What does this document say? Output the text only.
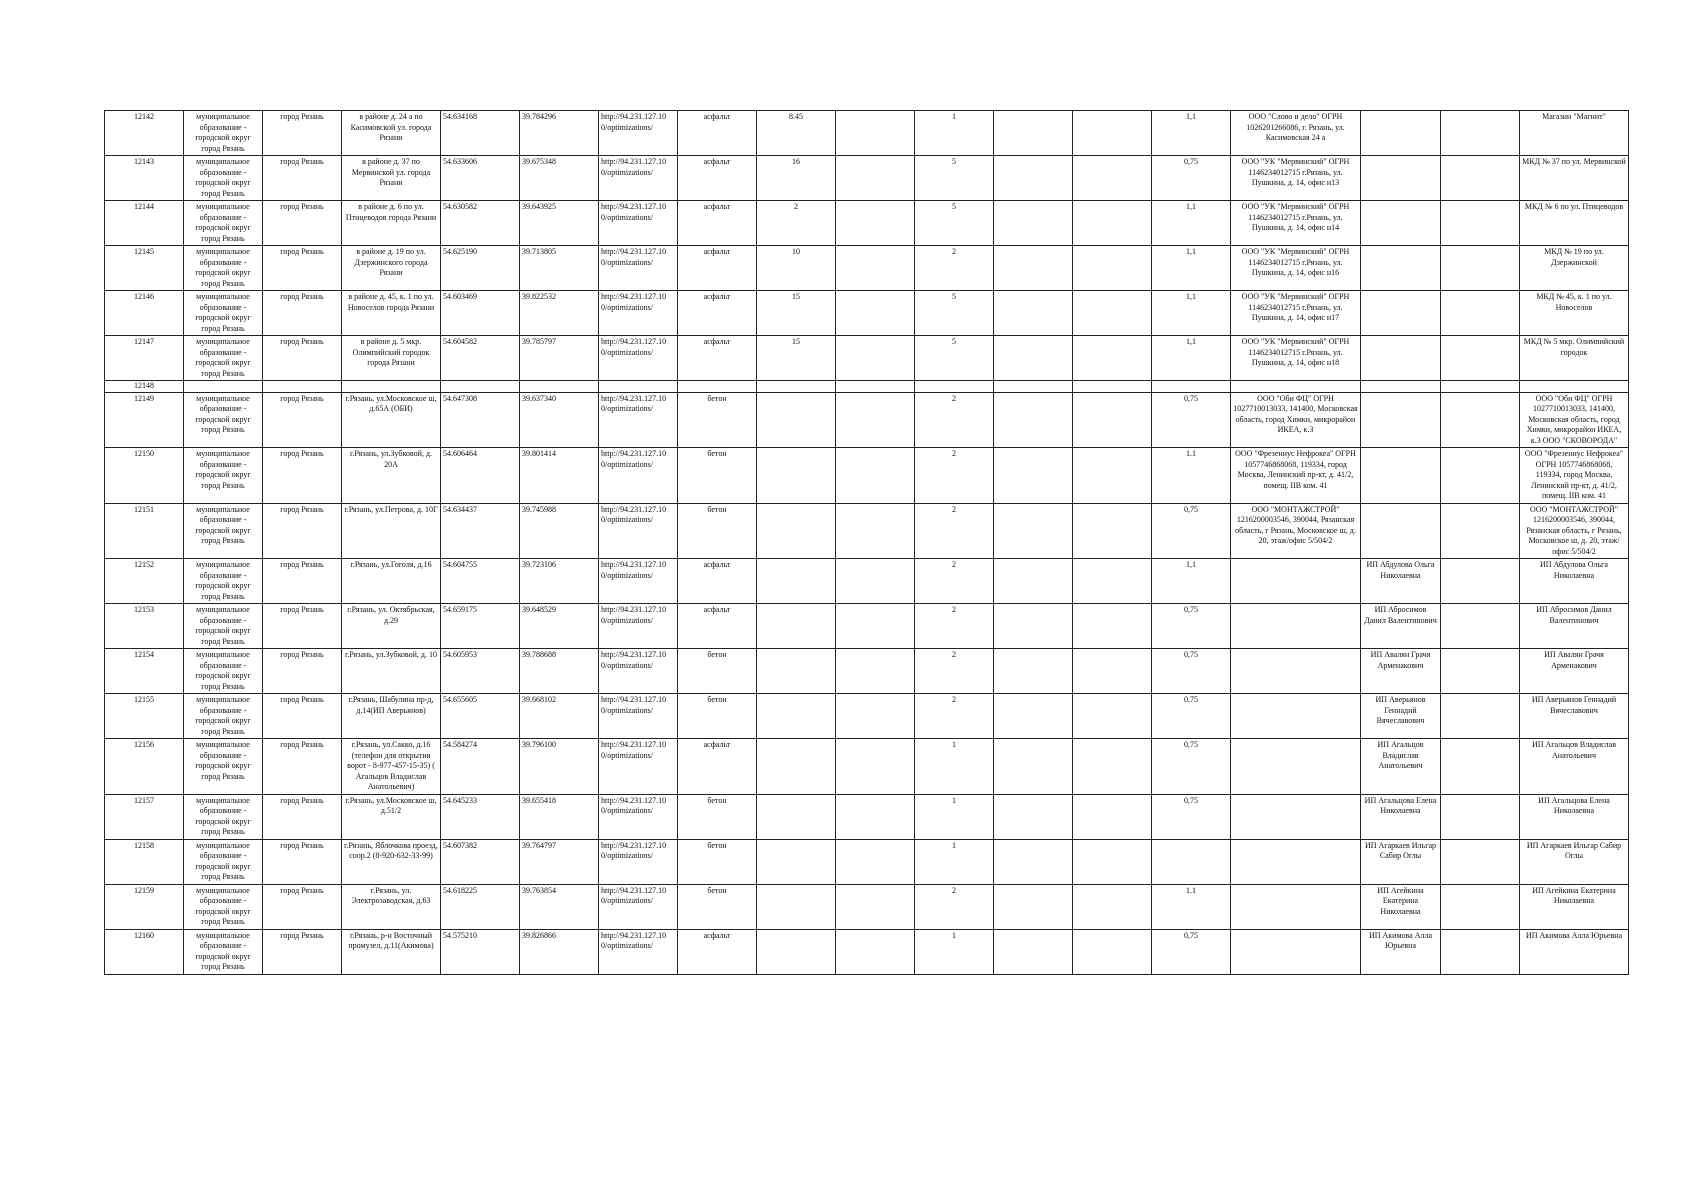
12142	муниципальное образование - городской округ город Рязань	город Рязань	в районе д. 24 а по Касимовской ул. города Рязани	54.634168	39.784296	http://94.231.127.10 0/optimizations/	асфальт	8.45		1			1,1	ООО "Слово и дело" ОГРН 1026201266086, г. Рязань, ул. Касимовская 24 а			Магазин "Магнит"
12143	муниципальное образование - городской округ город Рязань	город Рязань	в районе д. 37 по Мервинской ул. города Рязани	54.633606	39.675348	http://94.231.127.10 0/optimizations/	асфальт	16		5			0,75	ООО "УК "Мервинский" ОГРН 1146234012715 г.Рязань, ул. Пушкина, д. 14, офис н13			МКД № 37 по ул. Мервинской
12144	муниципальное образование - городской округ город Рязань	город Рязань	в районе д. 6 по ул. Птицеводов города Рязани	54.630582	39.643925	http://94.231.127.10 0/optimizations/	асфальт	2		5			1,1	ООО "УК "Мервинский" ОГРН 1146234012715 г.Рязань, ул. Пушкина, д. 14, офис н14			МКД № 6 по ул. Птицеводов
12145	муниципальное образование - городской округ город Рязань	город Рязань	в районе д. 19 по ул. Дзержинского города Рязани	54.625190	39.713805	http://94.231.127.10 0/optimizations/	асфальт	10		2			1,1	ООО "УК "Мервинский" ОГРН 1146234012715 г.Рязань, ул. Пушкина, д. 14, офис н16			МКД № 19 по ул. Дзержинской
12146	муниципальное образование - городской округ город Рязань	город Рязань	в районе д. 45, к. 1 по ул. Новоселов города Рязани	54.603469	39.822532	http://94.231.127.10 0/optimizations/	асфальт	15		5			1,1	ООО "УК "Мервинский" ОГРН 1146234012715 г.Рязань, ул. Пушкина, д. 14, офис н17			МКД № 45, к. 1 по ул. Новоселов
12147	муниципальное образование - городской округ город Рязань	город Рязань	в районе д. 5 мкр. Олимпийский городок города Рязани	54.604582	39.785797	http://94.231.127.10 0/optimizations/	асфальт	15		5			1,1	ООО "УК "Мервинский" ОГРН 1146234012715 г.Рязань, ул. Пушкина, д. 14, офис н18			МКД № 5 мкр. Олимпийский городок
12148																	
12149	муниципальное образование - городской округ город Рязань	город Рязань	г.Рязань, ул.Московское ш, д.65А (ОБИ)	54.647308	39.637340	http://94.231.127.10 0/optimizations/	бетон			2			0,75	ООО "Оби ФЦ" ОГРН 1027710013033, 141400, Московская область, город Химки, микрорайон ИКЕА, к.3			ООО "Оби ФЦ" ОГРН 1027710013033, 141400, Московская область, город Химки, микрорайон ИКЕА, к.3 ООО "СКОВОРОДА"
12150	муниципальное образование - городской округ город Рязань	город Рязань	г.Рязань, ул.Зубковой, д. 20А	54.606464	39.801414	http://94.231.127.10 0/optimizations/	бетон			2			1.1	ООО "Фрезениус Нефрокеа" ОГРН 1057746868068, 119334, город Москва, Ленинский пр-кт, д. 41/2, помещ. IIВ ком. 41			ООО "Фрезениус Нефрокеа" ОГРН 1057746868068, 119334, город Москва, Ленинский пр-кт, д. 41/2, помещ. IIВ ком. 41
12151	муниципальное образование - городской округ город Рязань	город Рязань	г.Рязань, ул.Петрова, д. 10Г	54.634437	39.745988	http://94.231.127.10 0/optimizations/	бетон			2			0,75	ООО "МОНТАЖСТРОЙ" 1216200003546, 390044, Рязанская область, г Рязань, Московское ш, д. 20, этаж/офис 5/504/2			ООО "МОНТАЖСТРОЙ" 1216200003546, 390044, Рязанская область, г Рязань, Московское ш, д. 20, этаж/офис 5/504/2
12152	муниципальное образование - городской округ город Рязань	город Рязань	г.Рязань, ул.Гоголя, д.16	54.604755	39.723106	http://94.231.127.10 0/optimizations/	асфальт			2			1,1		ИП Абдулова Ольга Николаевна		ИП Абдулова Ольга Николаевна
12153	муниципальное образование - городской округ город Рязань	город Рязань	г.Рязань, ул. Октябрьская, д.29	54.659175	39.648529	http://94.231.127.10 0/optimizations/	асфальт			2			0,75		ИП Абросимов Данил Валентинович		ИП Абросимов Данил Валентинович
12154	муниципальное образование - городской округ город Рязань	город Рязань	г.Рязань, ул.Зубковой, д. 10	54.605953	39.788688	http://94.231.127.10 0/optimizations/	бетон			2			0,75		ИП Авалян Грачя Арменакович		ИП Авалян Грачя Арменакович
12155	муниципальное образование - городской округ город Рязань	город Рязань	г.Рязань, Шабулина пр-д, д.14(ИП Аверьянов)	54.655605	39.668102	http://94.231.127.10 0/optimizations/	бетон			2			0,75		ИП Аверьянов Геннадий Вячеславович		ИП Аверьянов Геннадий Вячеславович
12156	муниципальное образование - городской округ город Рязань	город Рязань	г.Рязань, ул.Сакко, д.16 (телефон для открытия ворот - 8-977-457-15-35) ( Агальцов Владислав Анатольевич)	54.584274	39.796100	http://94.231.127.10 0/optimizations/	асфальт			1			0,75		ИП Агальцов Владислав Анатольевич		ИП Агальцов Владислав Анатольевич
12157	муниципальное образование - городской округ город Рязань	город Рязань	г.Рязань, ул.Московское ш, д.51/2	54.645233	39.655418	http://94.231.127.10 0/optimizations/	бетон			1			0,75		ИП Агальцова Елена Николаевна		ИП Агальцова Елена Николаевна
12158	муниципальное образование - городской округ город Рязань	город Рязань	г.Рязань, Яблочкова проезд, соор.2 (8-920-632-33-99)	54.607382	39.764797	http://94.231.127.10 0/optimizations/	бетон			1					ИП Агаркаев Ильгар Сабир Оглы		ИП Агаркаев Ильгар Сабир Оглы
12159	муниципальное образование - городской округ город Рязань	город Рязань	г.Рязань, ул. Электрозаводская, д.63	54.618225	39.763854	http://94.231.127.10 0/optimizations/	бетон			2			1.1		ИП Агейкина Екатерина Николаевна		ИП Агейкина Екатерина Николаевна
12160	муниципальное образование - городской округ город Рязань	город Рязань	г.Рязань, р-н Восточный промузел, д.11(Акимова)	54.575210	39.826866	http://94.231.127.10 0/optimizations/	асфальт			1			0,75		ИП Акимова Алла Юрьевна		ИП Акимова Алла Юрьевна
